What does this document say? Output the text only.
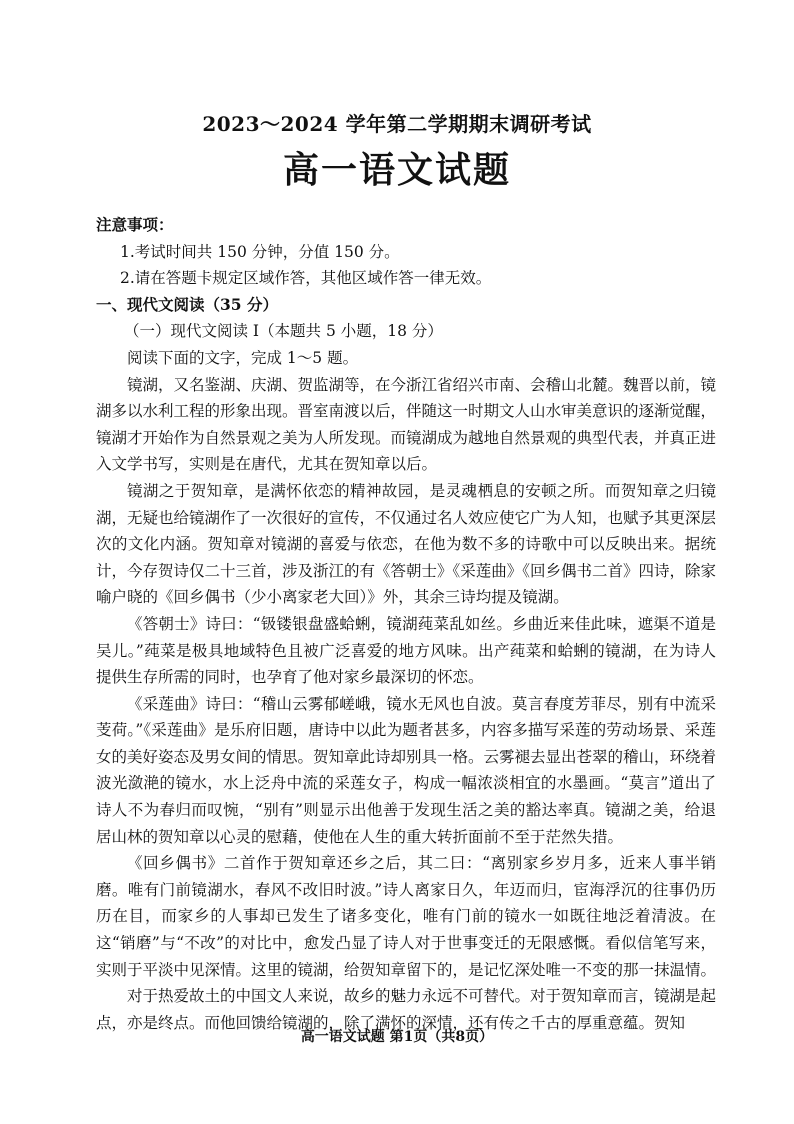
2023～2024 学年第二学期期末调研考试
高一语文试题

注意事项：

1.考试时间共 150 分钟，分值 150 分。

2.请在答题卡规定区域作答，其他区域作答一律无效。

一、现代文阅读（35 分）

（一）现代文阅读 Ⅰ（本题共 5 小题，18 分）

阅读下面的文字，完成 1～5 题。

镜湖，又名鉴湖、庆湖、贺监湖等，在今浙江省绍兴市南、会稽山北麓。魏晋以前，镜湖多以水利工程的形象出现。晋室南渡以后，伴随这一时期文人山水审美意识的逐渐觉醒，镜湖才开始作为自然景观之美为人所发现。而镜湖成为越地自然景观的典型代表，并真正进入文学书写，实则是在唐代，尤其在贺知章以后。

镜湖之于贺知章，是满怀依恋的精神故园，是灵魂栖息的安顿之所。而贺知章之归镜湖，无疑也给镜湖作了一次很好的宣传，不仅通过名人效应使它广为人知，也赋予其更深层次的文化内涵。贺知章对镜湖的喜爱与依恋，在他为数不多的诗歌中可以反映出来。据统计，今存贺诗仅二十三首，涉及浙江的有《答朝士》《采莲曲》《回乡偶书二首》四诗，除家喻户晓的《回乡偶书（少小离家老大回）》外，其余三诗均提及镜湖。

《答朝士》诗曰：“钑镂银盘盛蛤蜊，镜湖莼菜乱如丝。乡曲近来佳此味，遮渠不道是吴儿。”莼菜是极具地域特色且被广泛喜爱的地方风味。出产莼菜和蛤蜊的镜湖，在为诗人提供生存所需的同时，也孕育了他对家乡最深切的怀恋。

《采莲曲》诗曰：“稽山云雾郁嵯峨，镜水无风也自波。莫言春度芳菲尽，别有中流采芰荷。”《采莲曲》是乐府旧题，唐诗中以此为题者甚多，内容多描写采莲的劳动场景、采莲女的美好姿态及男女间的情思。贺知章此诗却别具一格。云雾褪去显出苍翠的稽山，环绕着波光潋滟的镜水，水上泛舟中流的采莲女子，构成一幅浓淡相宜的水墨画。“莫言”道出了诗人不为春归而叹惋，“别有”则显示出他善于发现生活之美的豁达率真。镜湖之美，给退居山林的贺知章以心灵的慰藉，使他在人生的重大转折面前不至于茫然失措。

《回乡偶书》二首作于贺知章还乡之后，其二曰：“离别家乡岁月多，近来人事半销磨。唯有门前镜湖水，春风不改旧时波。”诗人离家日久，年迈而归，宦海浮沉的往事仍历历在目，而家乡的人事却已发生了诸多变化，唯有门前的镜水一如既往地泛着清波。在这“销磨”与“不改”的对比中，愈发凸显了诗人对于世事变迁的无限感慨。看似信笔写来，实则于平淡中见深情。这里的镜湖，给贺知章留下的，是记忆深处唯一不变的那一抹温情。

对于热爱故土的中国文人来说，故乡的魅力永远不可替代。对于贺知章而言，镜湖是起点，亦是终点。而他回馈给镜湖的，除了满怀的深情，还有传之千古的厚重意蕴。贺知

高一语文试题 第1页（共8页）
